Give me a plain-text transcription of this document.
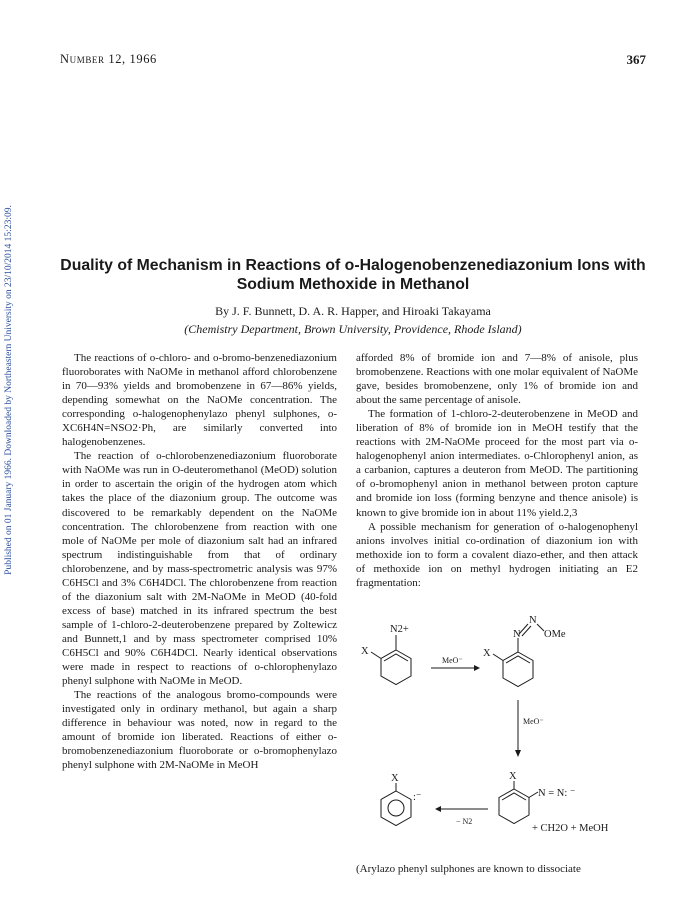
Published on 01 January 1966. Downloaded by Northeastern University on 23/10/2014 15:23:09.
Number 12, 1966	367
Duality of Mechanism in Reactions of o-Halogenobenzenediazonium Ions with Sodium Methoxide in Methanol
By J. F. Bunnett, D. A. R. Happer, and Hiroaki Takayama
(Chemistry Department, Brown University, Providence, Rhode Island)

The reactions of o-chloro- and o-bromo-benzenediazonium fluoroborates with NaOMe in methanol afford chlorobenzene in 70—93% yields and bromobenzene in 67—86% yields, depending somewhat on the NaOMe concentration. The corresponding o-halogenophenylazo phenyl sulphones, o-XC6H4N=NSO2·Ph, are similarly converted into halogenobenzenes.

The reaction of o-chlorobenzenediazonium fluoroborate with NaOMe was run in O-deuteromethanol (MeOD) solution in order to ascertain the origin of the hydrogen atom which takes the place of the diazonium group. The outcome was discovered to be remarkably dependent on the NaOMe concentration. The chlorobenzene from reaction with one mole of NaOMe per mole of diazonium salt had an infrared spectrum indistinguishable from that of ordinary chlorobenzene, and by mass-spectrometric analysis was 97% C6H5Cl and 3% C6H4DCl. The chlorobenzene from reaction of the diazonium salt with 2M-NaOMe in MeOD (40-fold excess of base) matched in its infrared spectrum the best sample of 1-chloro-2-deuterobenzene prepared by Zoltewicz and Bunnett,1 and by mass spectrometer comprised 10% C6H5Cl and 90% C6H4DCl. Nearly identical observations were made in respect to reactions of o-chlorophenylazo phenyl sulphone with NaOMe in MeOD.

The reactions of the analogous bromo-compounds were investigated only in ordinary methanol, but again a sharp difference in behaviour was noted, now in regard to the amount of bromide ion liberated. Reactions of either o-bromobenzenediazonium fluoroborate or o-bromophenylazo phenyl sulphone with 2M-NaOMe in MeOH

afforded 8% of bromide ion and 7—8% of anisole, plus bromobenzene. Reactions with one molar equivalent of NaOMe gave, besides bromobenzene, only 1% of bromide ion and about the same percentage of anisole.

The formation of 1-chloro-2-deuterobenzene in MeOD and liberation of 8% of bromide ion in MeOH testify that the reactions with 2M-NaOMe proceed for the most part via o-halogenophenyl anion intermediates. o-Chlorophenyl anion, as a carbanion, captures a deuteron from MeOD. The partitioning of o-bromophenyl anion in methanol between proton capture and bromide ion loss (forming benzyne and thence anisole) is known to give bromide ion in about 11% yield.2,3

A possible mechanism for generation of o-halogenophenyl anions involves initial co-ordination of diazonium ion with methoxide ion to form a covalent diazo-ether, and then attack of methoxide ion on methyl hydrogen initiating an E2 fragmentation:

N2+
X
MeO⁻
N
N
OMe
X
MeO⁻
X
N = N: ⁻
+ CH2O + MeOH
− N2
X
:⁻
(Arylazo phenyl sulphones are known to dissociate
